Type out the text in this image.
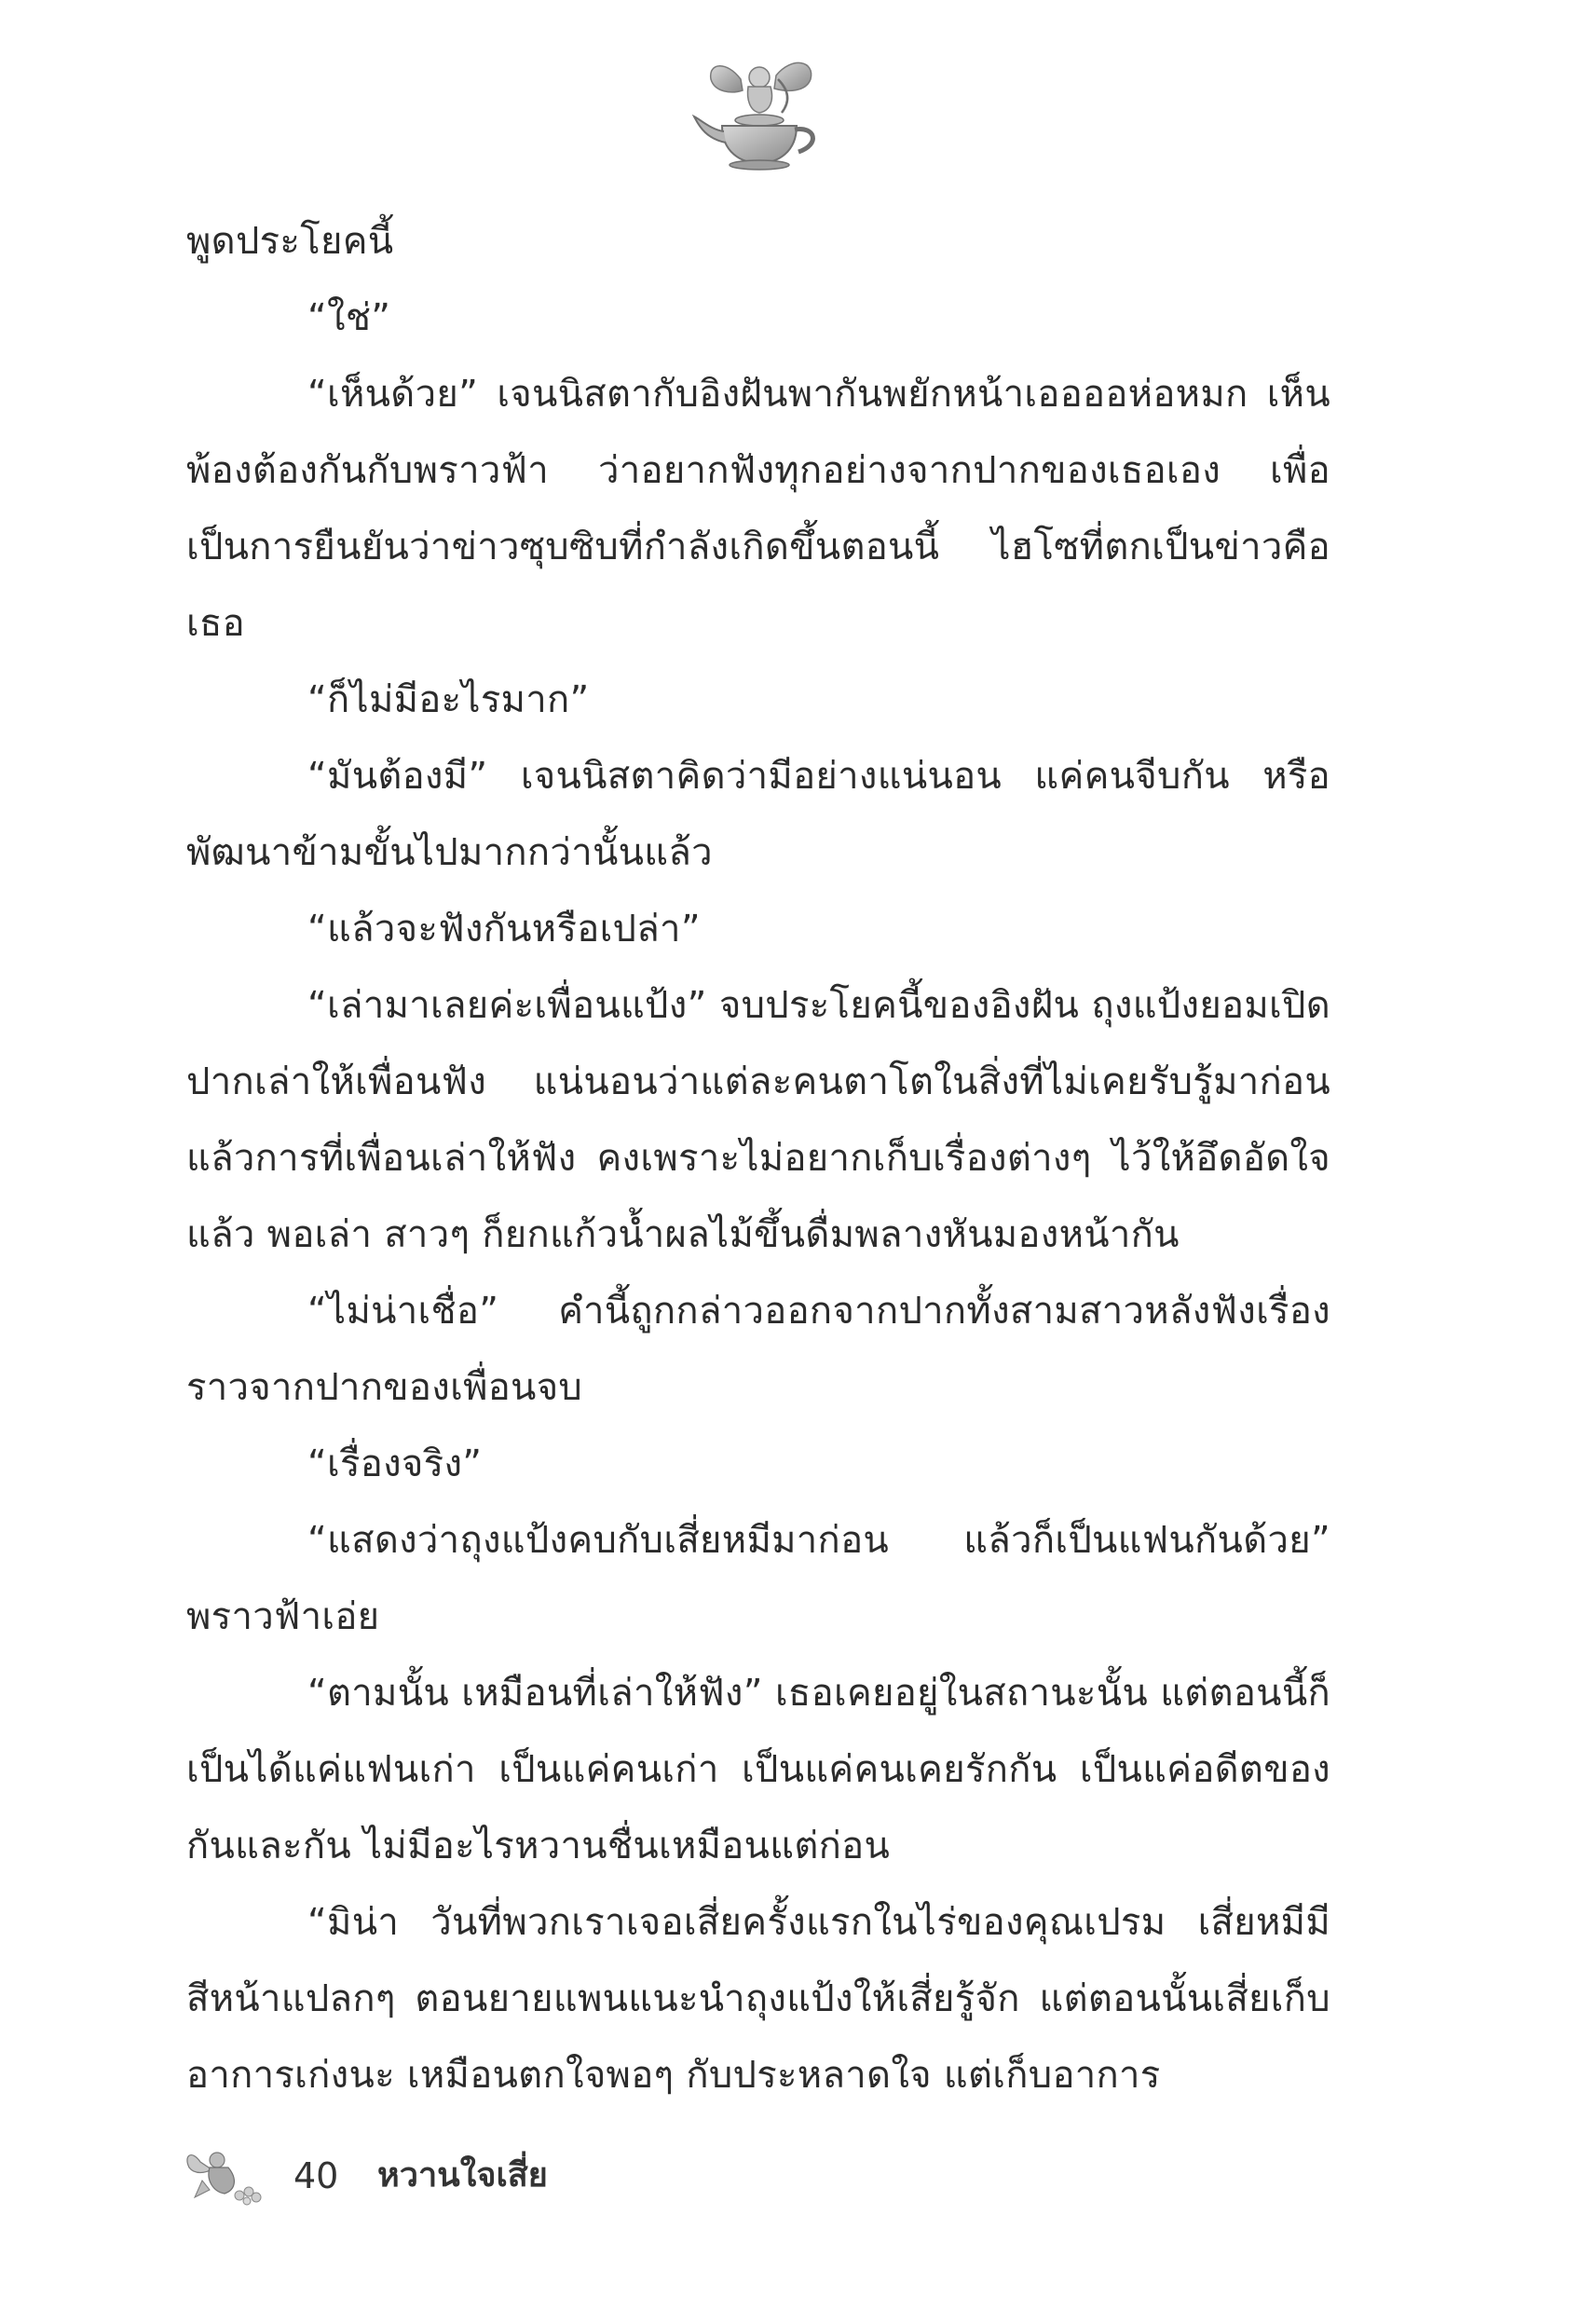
พูดประโยคนี้

“ใช่”

“เห็นด้วย” เจนนิสตากับอิงฝันพากันพยักหน้าเออออห่อหมก เห็นพ้องต้องกันกับพราวฟ้า ว่าอยากฟังทุกอย่างจากปากของเธอเอง เพื่อเป็นการยืนยันว่าข่าวซุบซิบที่กำลังเกิดขึ้นตอนนี้ ไฮโซที่ตกเป็นข่าวคือเธอ

“ก็ไม่มีอะไรมาก”

“มันต้องมี” เจนนิสตาคิดว่ามีอย่างแน่นอน แค่คนจีบกัน หรือพัฒนาข้ามขั้นไปมากกว่านั้นแล้ว

“แล้วจะฟังกันหรือเปล่า”

“เล่ามาเลยค่ะเพื่อนแป้ง” จบประโยคนี้ของอิงฝัน ถุงแป้งยอมเปิดปากเล่าให้เพื่อนฟัง แน่นอนว่าแต่ละคนตาโตในสิ่งที่ไม่เคยรับรู้มาก่อน แล้วการที่เพื่อนเล่าให้ฟัง คงเพราะไม่อยากเก็บเรื่องต่างๆ ไว้ให้อึดอัดใจแล้ว พอเล่า สาวๆ ก็ยกแก้วน้ำผลไม้ขึ้นดื่มพลางหันมองหน้ากัน

“ไม่น่าเชื่อ” คำนี้ถูกกล่าวออกจากปากทั้งสามสาวหลังฟังเรื่องราวจากปากของเพื่อนจบ

“เรื่องจริง”

“แสดงว่าถุงแป้งคบกับเสี่ยหมีมาก่อน แล้วก็เป็นแฟนกันด้วย” พราวฟ้าเอ่ย

“ตามนั้น เหมือนที่เล่าให้ฟัง” เธอเคยอยู่ในสถานะนั้น แต่ตอนนี้ก็เป็นได้แค่แฟนเก่า เป็นแค่คนเก่า เป็นแค่คนเคยรักกัน เป็นแค่อดีตของกันและกัน ไม่มีอะไรหวานชื่นเหมือนแต่ก่อน

“มิน่า วันที่พวกเราเจอเสี่ยครั้งแรกในไร่ของคุณเปรม เสี่ยหมีมีสีหน้าแปลกๆ ตอนยายแพนแนะนำถุงแป้งให้เสี่ยรู้จัก แต่ตอนนั้นเสี่ยเก็บอาการเก่งนะ เหมือนตกใจพอๆ กับประหลาดใจ แต่เก็บอาการ

40 หวานใจเสี่ย
